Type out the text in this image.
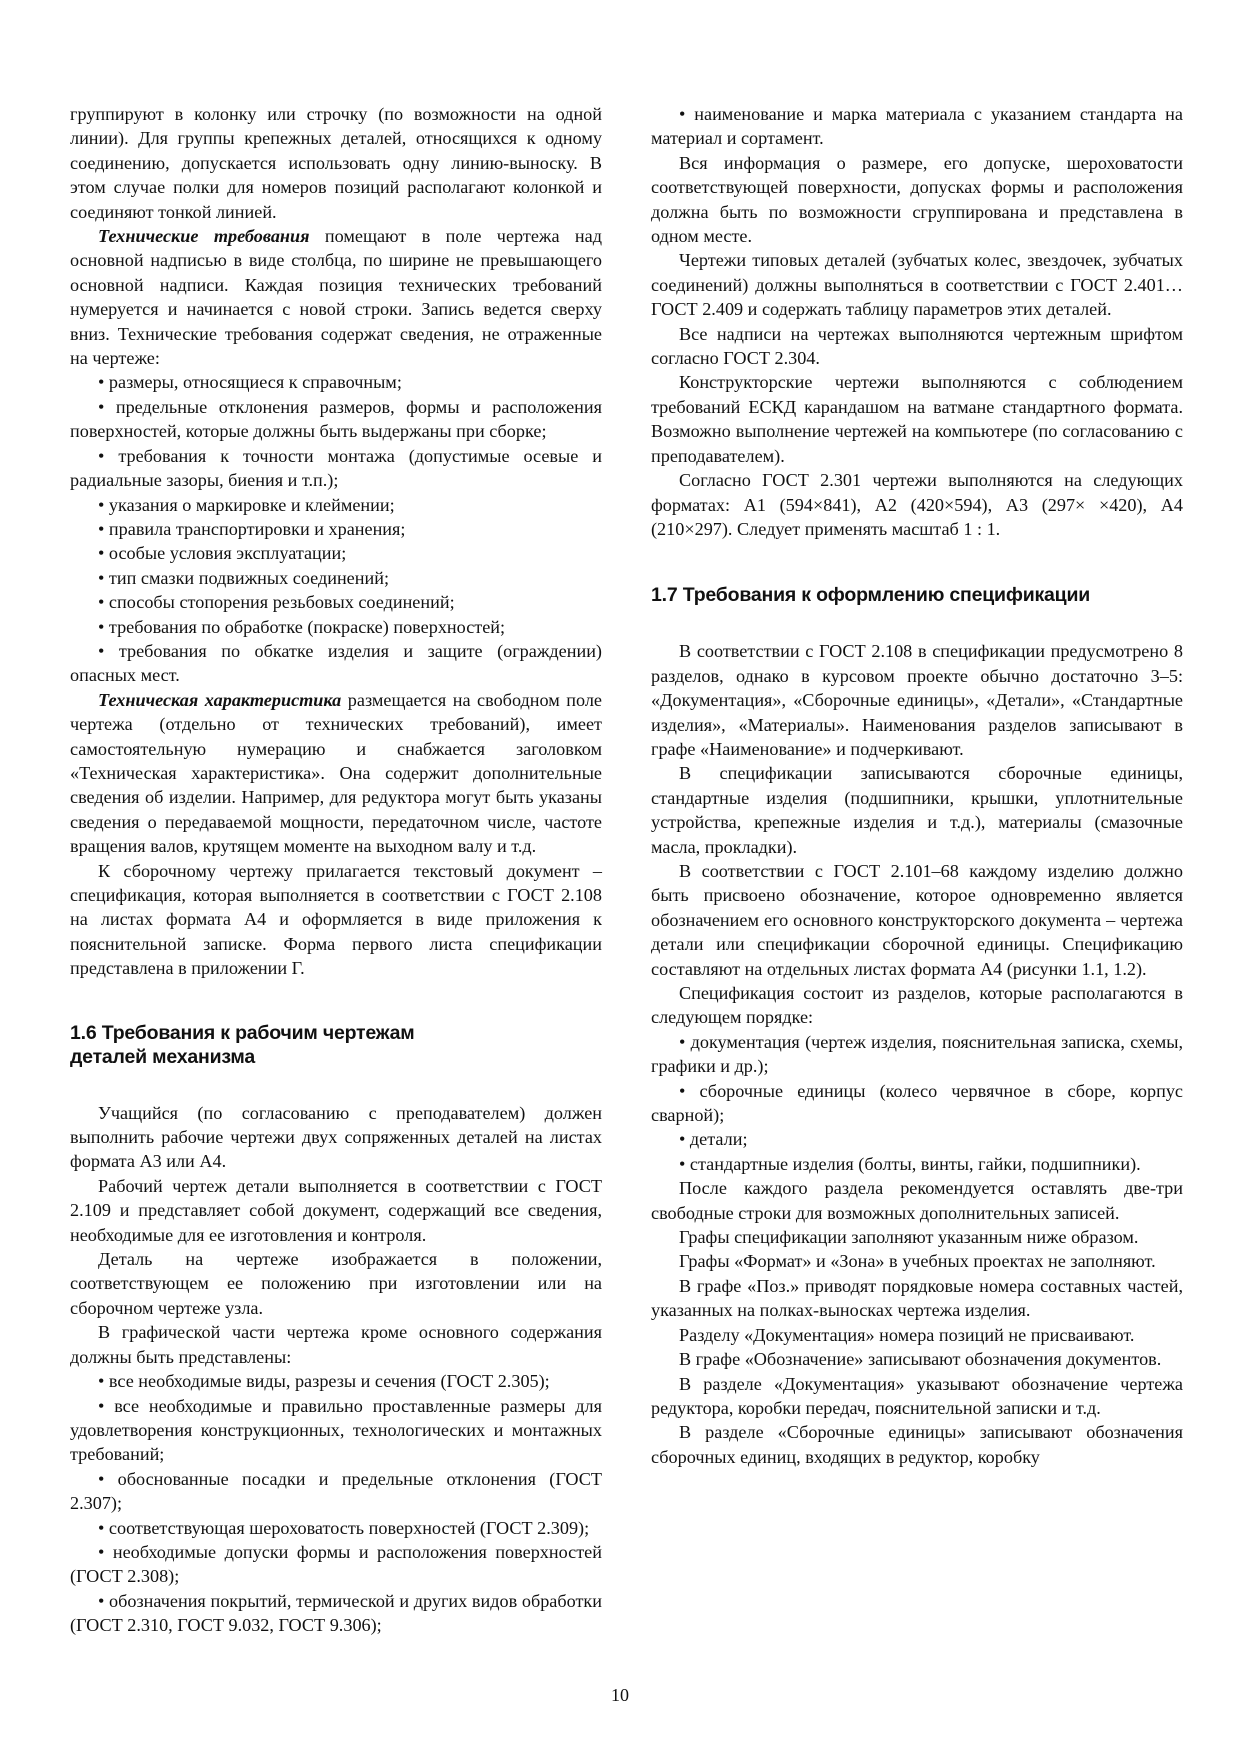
группируют в колонку или строчку (по возможности на одной линии). Для группы крепежных деталей, относящихся к одному соединению, допускается использовать одну линию-выноску. В этом случае полки для номеров позиций располагают колонкой и соединяют тонкой линией.

Технические требования помещают в поле чертежа над основной надписью в виде столбца, по ширине не превышающего основной надписи. Каждая позиция технических требований нумеруется и начинается с новой строки. Запись ведется сверху вниз. Технические требования содержат сведения, не отраженные на чертеже:

• размеры, относящиеся к справочным;

• предельные отклонения размеров, формы и расположения поверхностей, которые должны быть выдержаны при сборке;

• требования к точности монтажа (допустимые осевые и радиальные зазоры, биения и т.п.);

• указания о маркировке и клеймении;

• правила транспортировки и хранения;

• особые условия эксплуатации;

• тип смазки подвижных соединений;

• способы стопорения резьбовых соединений;

• требования по обработке (покраске) поверхностей;

• требования по обкатке изделия и защите (ограждении) опасных мест.

Техническая характеристика размещается на свободном поле чертежа (отдельно от технических требований), имеет самостоятельную нумерацию и снабжается заголовком «Техническая характеристика». Она содержит дополнительные сведения об изделии. Например, для редуктора могут быть указаны сведения о передаваемой мощности, передаточном числе, частоте вращения валов, крутящем моменте на выходном валу и т.д.

К сборочному чертежу прилагается текстовый документ – спецификация, которая выполняется в соответствии с ГОСТ 2.108 на листах формата А4 и оформляется в виде приложения к пояснительной записке. Форма первого листа спецификации представлена в приложении Г.

1.6 Требования к рабочим чертежам
деталей механизма

Учащийся (по согласованию с преподавателем) должен выполнить рабочие чертежи двух сопряженных деталей на листах формата А3 или А4.

Рабочий чертеж детали выполняется в соответствии с ГОСТ 2.109 и представляет собой документ, содержащий все сведения, необходимые для ее изготовления и контроля.

Деталь на чертеже изображается в положении, соответствующем ее положению при изготовлении или на сборочном чертеже узла.

В графической части чертежа кроме основного содержания должны быть представлены:

• все необходимые виды, разрезы и сечения (ГОСТ 2.305);

• все необходимые и правильно проставленные размеры для удовлетворения конструкционных, технологических и монтажных требований;

• обоснованные посадки и предельные отклонения (ГОСТ 2.307);

• соответствующая шероховатость поверхностей (ГОСТ 2.309);

• необходимые допуски формы и расположения поверхностей (ГОСТ 2.308);

• обозначения покрытий, термической и других видов обработки (ГОСТ 2.310, ГОСТ 9.032, ГОСТ 9.306);

• наименование и марка материала с указанием стандарта на материал и сортамент.

Вся информация о размере, его допуске, шероховатости соответствующей поверхности, допусках формы и расположения должна быть по возможности сгруппирована и представлена в одном месте.

Чертежи типовых деталей (зубчатых колес, звездочек, зубчатых соединений) должны выполняться в соответствии с ГОСТ 2.401…ГОСТ 2.409 и содержать таблицу параметров этих деталей.

Все надписи на чертежах выполняются чертежным шрифтом согласно ГОСТ 2.304.

Конструкторские чертежи выполняются с соблюдением требований ЕСКД карандашом на ватмане стандартного формата. Возможно выполнение чертежей на компьютере (по согласованию с преподавателем).

Согласно ГОСТ 2.301 чертежи выполняются на следующих форматах: А1 (594×841), А2 (420×594), А3 (297× ×420), А4 (210×297). Следует применять масштаб 1 : 1.

1.7 Требования к оформлению спецификации

В соответствии с ГОСТ 2.108 в спецификации предусмотрено 8 разделов, однако в курсовом проекте обычно достаточно 3–5: «Документация», «Сборочные единицы», «Детали», «Стандартные изделия», «Материалы». Наименования разделов записывают в графе «Наименование» и подчеркивают.

В спецификации записываются сборочные единицы, стандартные изделия (подшипники, крышки, уплотнительные устройства, крепежные изделия и т.д.), материалы (смазочные масла, прокладки).

В соответствии с ГОСТ 2.101–68 каждому изделию должно быть присвоено обозначение, которое одновременно является обозначением его основного конструкторского документа – чертежа детали или спецификации сборочной единицы. Спецификацию составляют на отдельных листах формата А4 (рисунки 1.1, 1.2).

Спецификация состоит из разделов, которые располагаются в следующем порядке:

• документация (чертеж изделия, пояснительная записка, схемы, графики и др.);

• сборочные единицы (колесо червячное в сборе, корпус сварной);

• детали;

• стандартные изделия (болты, винты, гайки, подшипники).

После каждого раздела рекомендуется оставлять две-три свободные строки для возможных дополнительных записей.

Графы спецификации заполняют указанным ниже образом.

Графы «Формат» и «Зона» в учебных проектах не заполняют.

В графе «Поз.» приводят порядковые номера составных частей, указанных на полках-выносках чертежа изделия.

Разделу «Документация» номера позиций не присваивают.

В графе «Обозначение» записывают обозначения документов.

В разделе «Документация» указывают обозначение чертежа редуктора, коробки передач, пояснительной записки и т.д.

В разделе «Сборочные единицы» записывают обозначения сборочных единиц, входящих в редуктор, коробку

10
